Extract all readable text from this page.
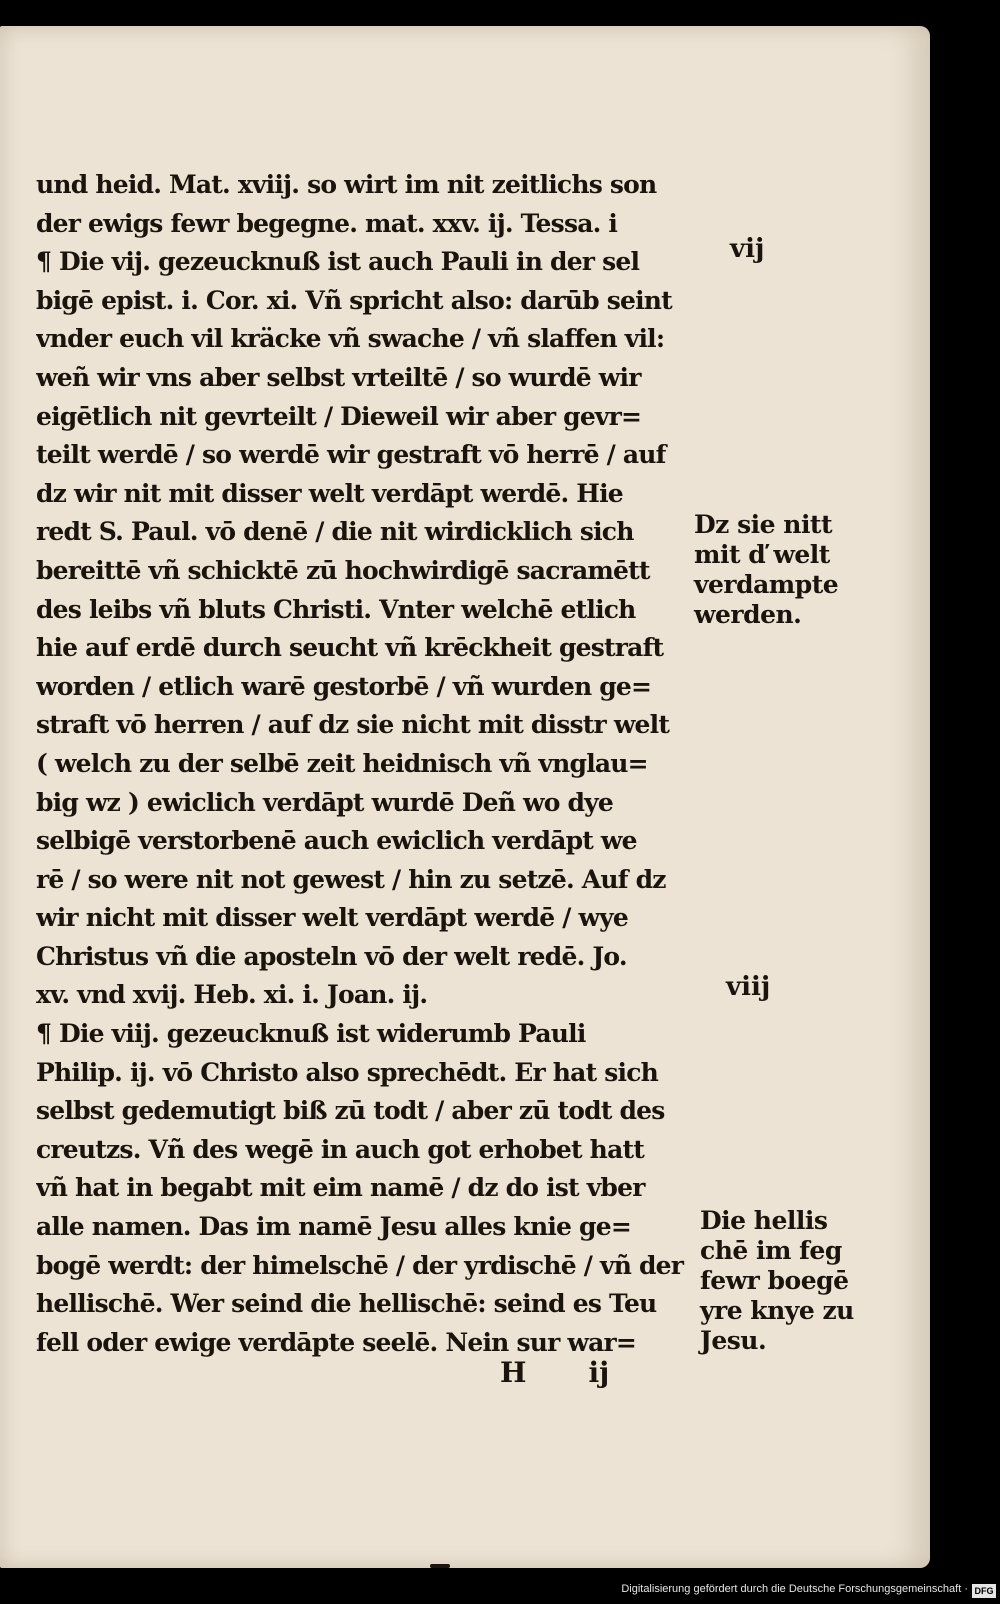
und heid. Mat. xviij. so wirt im nit zeitlichs son
der ewigs fewr begegne. mat. xxv. ij. Tessa. i
¶ Die vij. gezeucknuß ist auch Pauli in der sel
bigē epist. i. Cor. xi. Vñ spricht also: darūb seint
vnder euch vil kräcke vñ swache / vñ slaffen vil:
weñ wir vns aber selbst vrteiltē / so wurdē wir
eigētlich nit gevrteilt / Dieweil wir aber gevr=
teilt werdē / so werdē wir gestraft vō herrē / auf
dz wir nit mit disser welt verdāpt werdē. Hie
redt S. Paul. vō denē / die nit wirdicklich sich
bereittē vñ schicktē zū hochwirdigē sacramētt
des leibs vñ bluts Christi. Vnter welchē etlich
hie auf erdē durch seucht vñ krēckheit gestraft
worden / etlich warē gestorbē / vñ wurden ge=
straft vō herren / auf dz sie nicht mit disstr welt
( welch zu der selbē zeit heidnisch vñ vnglau=
big wz ) ewiclich verdāpt wurdē Deñ wo dye
selbigē verstorbenē auch ewiclich verdāpt we
rē / so were nit not gewest / hin zu setzē. Auf dz
wir nicht mit disser welt verdāpt werdē / wye
Christus vñ die aposteln vō der welt redē. Jo.
xv. vnd xvij. Heb. xi. i. Joan. ij.
¶ Die viij. gezeucknuß ist widerumb Pauli
Philip. ij. vō Christo also sprechēdt. Er hat sich
selbst gedemutigt biß zū todt / aber zū todt des
creutzs. Vñ des wegē in auch got erhobet hatt
vñ hat in begabt mit eim namē / dz do ist vber
alle namen. Das im namē Jesu alles knie ge=
bogē werdt: der himelschē / der yrdischē / vñ der
hellischē. Wer seind die hellischē: seind es Teu
fell oder ewige verdāpte seelē. Nein sur war=
H ij
vij
viij
Dz sie nitt
mit ď welt
verdampte
werden.
Die hellis
chē im feg
fewr boegē
yre knye zu
Jesu.
Digitalisierung gefördert durch die Deutsche Forschungsgemeinschaft · DFG
